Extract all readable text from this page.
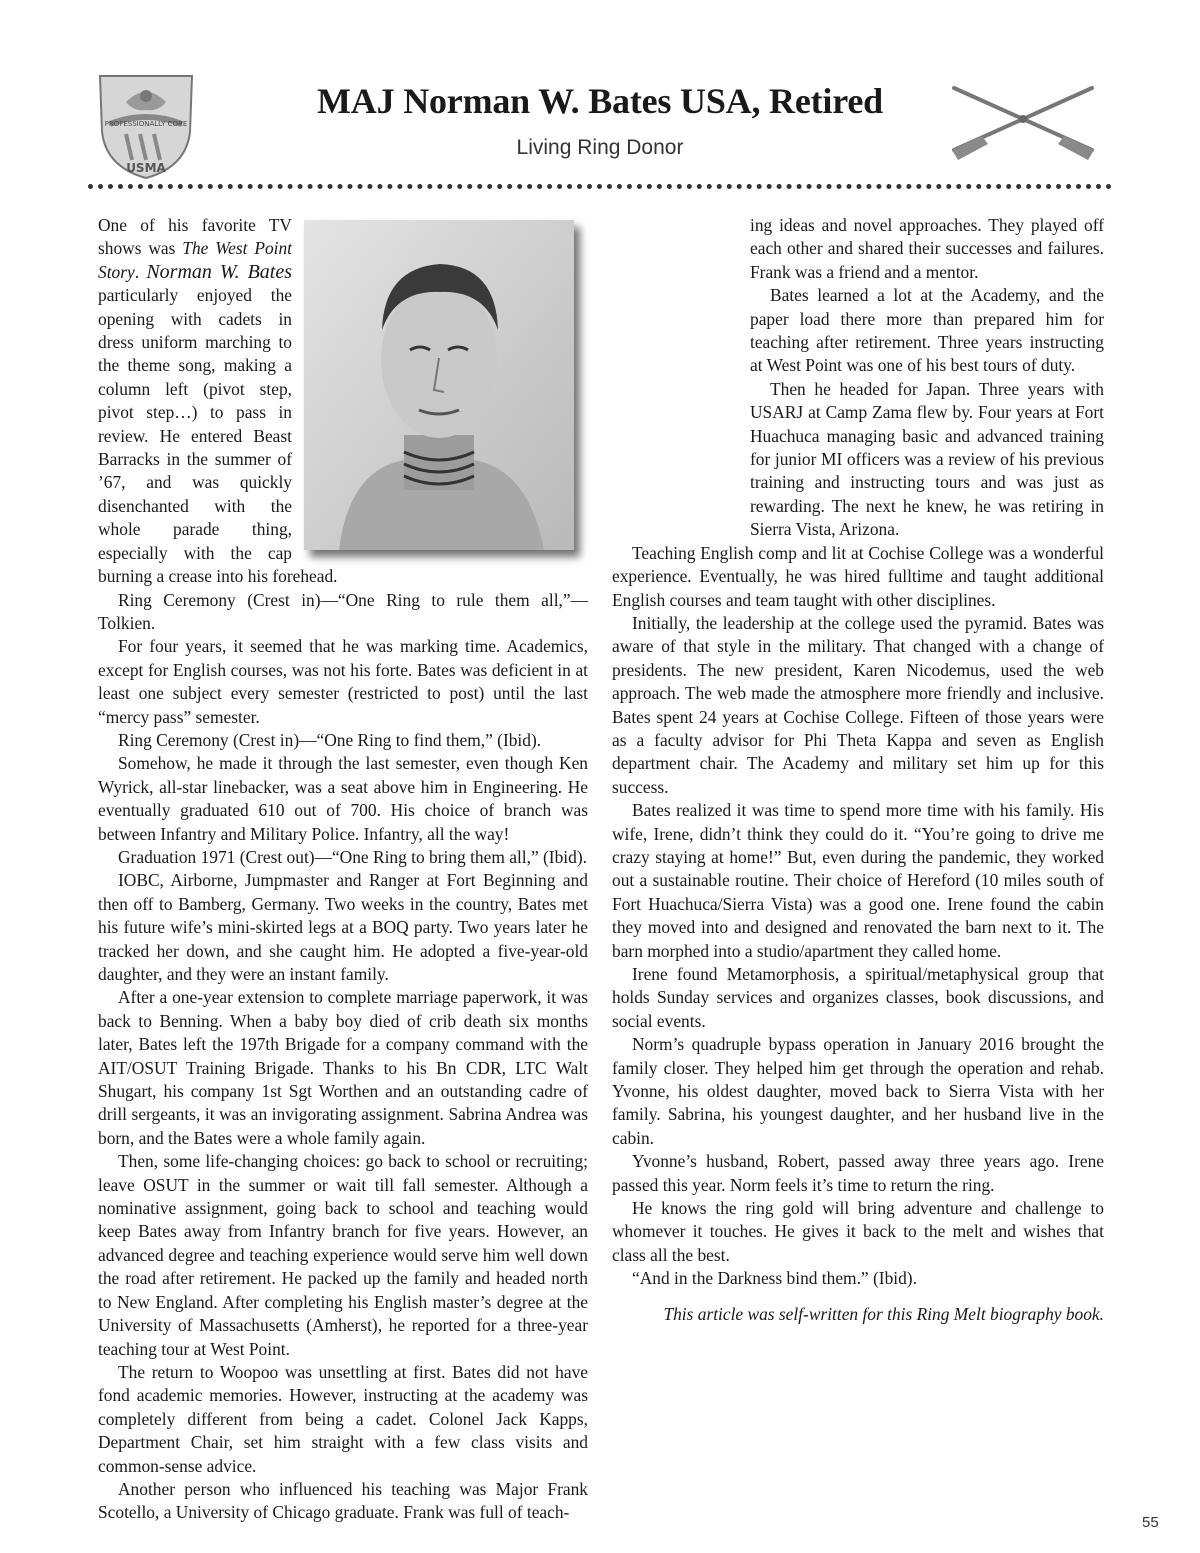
PROFESSIONALLY CORE
USMA
MAJ Norman W. Bates USA, Retired
Living Ring Donor

One of his favorite TV shows was The West Point Story. Norman W. Bates particularly enjoyed the opening with cadets in dress uniform marching to the theme song, making a column left (pivot step, pivot step…) to pass in review. He entered Beast Barracks in the summer of ’67, and was quickly disenchanted with the whole parade thing, especially with the cap burning a crease into his forehead.

Ring Ceremony (Crest in)—“One Ring to rule them all,”—Tolkien.

For four years, it seemed that he was marking time. Academics, except for English courses, was not his forte. Bates was deficient in at least one subject every semester (restricted to post) until the last “mercy pass” semester.

Ring Ceremony (Crest in)—“One Ring to find them,” (Ibid).

Somehow, he made it through the last semester, even though Ken Wyrick, all-star linebacker, was a seat above him in Engineering. He eventually graduated 610 out of 700. His choice of branch was between Infantry and Military Police. Infantry, all the way!

Graduation 1971 (Crest out)—“One Ring to bring them all,” (Ibid).

IOBC, Airborne, Jumpmaster and Ranger at Fort Beginning and then off to Bamberg, Germany. Two weeks in the country, Bates met his future wife’s mini-skirted legs at a BOQ party. Two years later he tracked her down, and she caught him. He adopted a five-year-old daughter, and they were an instant family.

After a one-year extension to complete marriage paperwork, it was back to Benning. When a baby boy died of crib death six months later, Bates left the 197th Brigade for a company command with the AIT/OSUT Training Brigade. Thanks to his Bn CDR, LTC Walt Shugart, his company 1st Sgt Worthen and an outstanding cadre of drill sergeants, it was an invigorating assignment. Sabrina Andrea was born, and the Bates were a whole family again.

Then, some life-changing choices: go back to school or recruiting; leave OSUT in the summer or wait till fall semester. Although a nominative assignment, going back to school and teaching would keep Bates away from Infantry branch for five years. However, an advanced degree and teaching experience would serve him well down the road after retirement. He packed up the family and headed north to New England. After completing his English master’s degree at the University of Massachusetts (Amherst), he reported for a three-year teaching tour at West Point.

The return to Woopoo was unsettling at first. Bates did not have fond academic memories. However, instructing at the academy was completely different from being a cadet. Colonel Jack Kapps, Department Chair, set him straight with a few class visits and common-sense advice.

Another person who influenced his teaching was Major Frank Scotello, a University of Chicago graduate. Frank was full of teach-

ing ideas and novel approaches. They played off each other and shared their successes and failures. Frank was a friend and a mentor.

Bates learned a lot at the Academy, and the paper load there more than prepared him for teaching after retirement. Three years instructing at West Point was one of his best tours of duty.

Then he headed for Japan. Three years with USARJ at Camp Zama flew by. Four years at Fort Huachuca managing basic and advanced training for junior MI officers was a review of his previous training and instructing tours and was just as rewarding. The next he knew, he was retiring in Sierra Vista, Arizona.

Teaching English comp and lit at Cochise College was a wonderful experience. Eventually, he was hired fulltime and taught additional English courses and team taught with other disciplines.

Initially, the leadership at the college used the pyramid. Bates was aware of that style in the military. That changed with a change of presidents. The new president, Karen Nicodemus, used the web approach. The web made the atmosphere more friendly and inclusive. Bates spent 24 years at Cochise College. Fifteen of those years were as a faculty advisor for Phi Theta Kappa and seven as English department chair. The Academy and military set him up for this success.

Bates realized it was time to spend more time with his family. His wife, Irene, didn’t think they could do it. “You’re going to drive me crazy staying at home!” But, even during the pandemic, they worked out a sustainable routine. Their choice of Hereford (10 miles south of Fort Huachuca/Sierra Vista) was a good one. Irene found the cabin they moved into and designed and renovated the barn next to it. The barn morphed into a studio/apartment they called home.

Irene found Metamorphosis, a spiritual/metaphysical group that holds Sunday services and organizes classes, book discussions, and social events.

Norm’s quadruple bypass operation in January 2016 brought the family closer. They helped him get through the operation and rehab. Yvonne, his oldest daughter, moved back to Sierra Vista with her family. Sabrina, his youngest daughter, and her husband live in the cabin.

Yvonne’s husband, Robert, passed away three years ago. Irene passed this year. Norm feels it’s time to return the ring.

He knows the ring gold will bring adventure and challenge to whomever it touches. He gives it back to the melt and wishes that class all the best.

“And in the Darkness bind them.” (Ibid).

This article was self-written for this Ring Melt biography book.

55
